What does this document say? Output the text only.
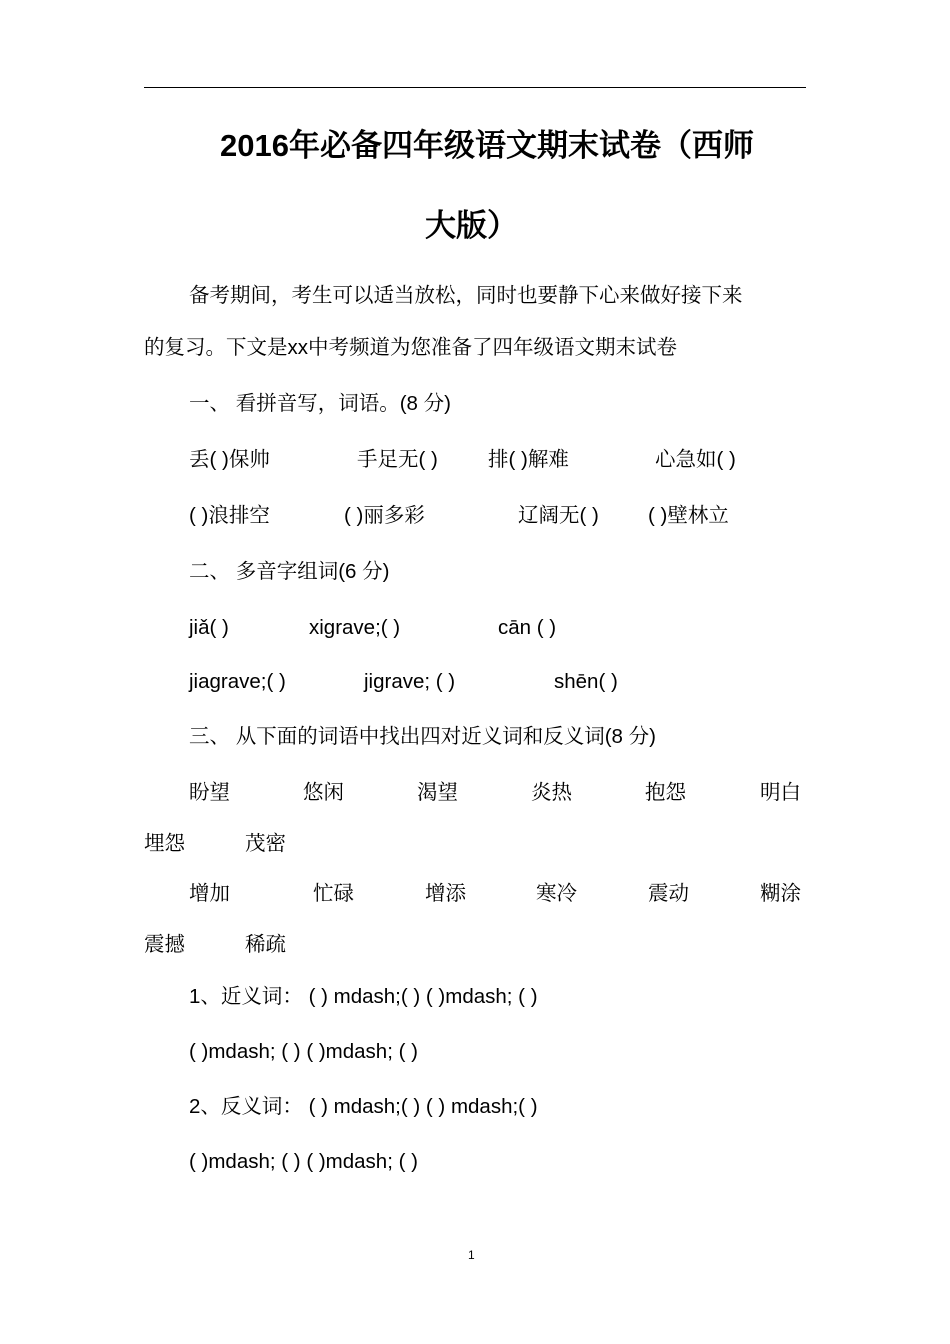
2016年必备四年级语文期末试卷（西师
大版）
备考期间，考生可以适当放松，同时也要静下心来做好接下来
的复习。下文是xx中考频道为您准备了四年级语文期末试卷
一、 看拼音写，词语。(8 分)
丢( )保帅	手足无( ) 排( )解难	心急如( )
( )浪排空	( )丽多彩	辽阔无( ) ( )壁林立
二、 多音字组词(6 分)
jiǎ( )	xigrave;( )	cān ( )
jiagrave;( )	jigrave; ( )	shēn( )
三、 从下面的词语中找出四对近义词和反义词(8 分)
盼望	悠闲	渴望	炎热	抱怨	明白
埋怨	茂密
增加	忙碌	增添	寒冷	震动	糊涂
震撼	稀疏
1、近义词： ( ) mdash;( ) ( )mdash; ( )
( )mdash; ( ) ( )mdash; ( )
2、反义词： ( ) mdash;( ) ( ) mdash;( )
( )mdash; ( ) ( )mdash; ( )
1
